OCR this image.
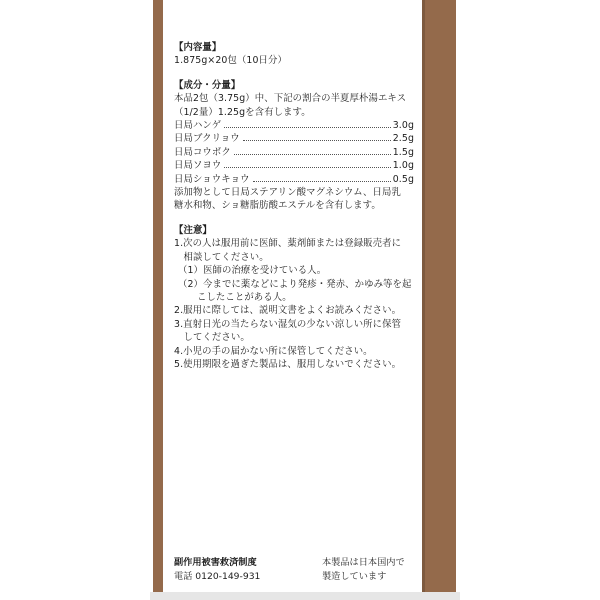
【内容量】

1.875g×20包（10日分）

【成分・分量】

本品2包（3.75g）中、下記の割合の半夏厚朴湯エキス

（1/2量）1.25gを含有します。

日局ハンゲ	3.0g
日局ブクリョウ	2.5g
日局コウボク	1.5g
日局ソヨウ	1.0g
日局ショウキョウ	0.5g

添加物として日局ステアリン酸マグネシウム、日局乳

糖水和物、ショ糖脂肪酸エステルを含有します。

【注意】

1.次の人は服用前に医師、薬剤師または登録販売者に

　相談してください。

（1）医師の治療を受けている人。

（2）今までに薬などにより発疹・発赤、かゆみ等を起

　　こしたことがある人。

2.服用に際しては、説明文書をよくお読みください。

3.直射日光の当たらない湿気の少ない涼しい所に保管

　してください。

4.小児の手の届かない所に保管してください。

5.使用期限を過ぎた製品は、服用しないでください。

副作用被害救済制度
電話 0120-149-931
本製品は日本国内で
製造しています
